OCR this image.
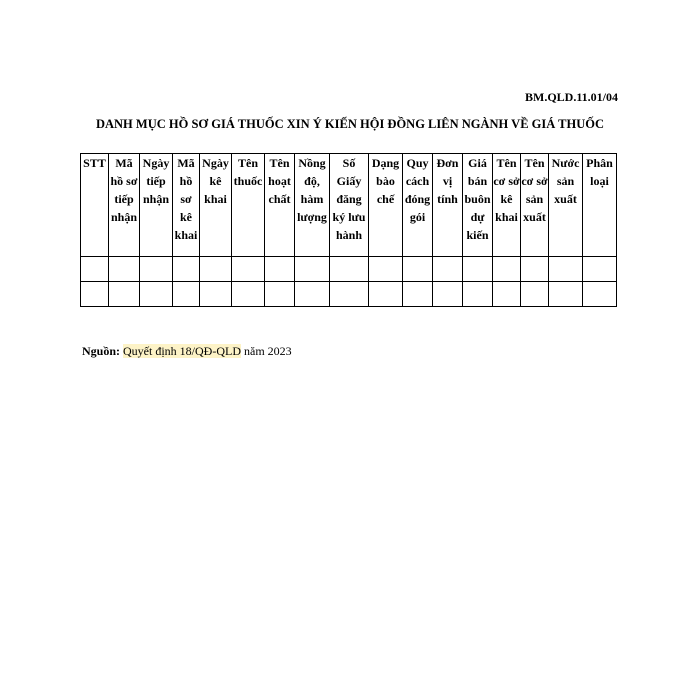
BM.QLD.11.01/04
DANH MỤC HỒ SƠ GIÁ THUỐC XIN Ý KIẾN HỘI ĐỒNG LIÊN NGÀNH VỀ GIÁ THUỐC
STT	Mã hồ sơ tiếp nhận	Ngày tiếp nhận	Mã hồ sơ kê khai	Ngày kê khai	Tên thuốc	Tên hoạt chất	Nồng độ, hàm lượng	Số Giấy đăng ký lưu hành	Dạng bào chế	Quy cách đóng gói	Đơn vị tính	Giá bán buôn dự kiến	Tên cơ sở kê khai	Tên cơ sở sản xuất	Nước sản xuất	Phân loại

Nguồn: Quyết định 18/QĐ-QLD năm 2023
